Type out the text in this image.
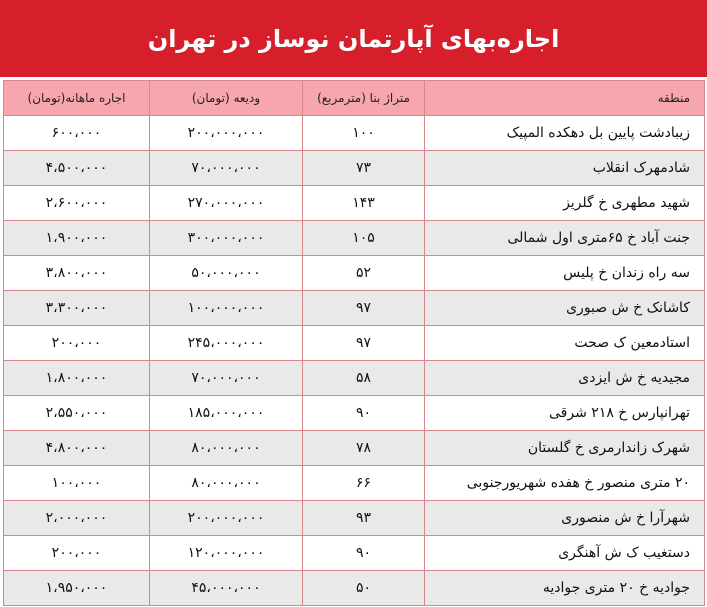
اجاره‌بهای آپارتمان نوساز در تهران
منطقه	متراژ بنا (مترمربع)	ودیعه (تومان)	اجاره ماهانه(تومان)
زیبادشت پایین بل دهکده المپیک	۱۰۰	۲۰۰،۰۰۰،۰۰۰	۶۰۰،۰۰۰
شادمهرک انقلاب	۷۳	۷۰،۰۰۰،۰۰۰	۴،۵۰۰،۰۰۰
شهید مطهری خ گلریز	۱۴۳	۲۷۰،۰۰۰،۰۰۰	۲،۶۰۰،۰۰۰
جنت آباد خ ۶۵متری اول شمالی	۱۰۵	۳۰۰،۰۰۰،۰۰۰	۱،۹۰۰،۰۰۰
سه راه زندان خ پلیس	۵۲	۵۰،۰۰۰،۰۰۰	۳،۸۰۰،۰۰۰
کاشانک خ ش صبوری	۹۷	۱۰۰،۰۰۰،۰۰۰	۳،۳۰۰،۰۰۰
استادمعین ک صحت	۹۷	۲۴۵،۰۰۰،۰۰۰	۲۰۰،۰۰۰
مجیدیه خ ش ایزدی	۵۸	۷۰،۰۰۰،۰۰۰	۱،۸۰۰،۰۰۰
تهرانپارس خ ۲۱۸ شرقی	۹۰	۱۸۵،۰۰۰،۰۰۰	۲،۵۵۰،۰۰۰
شهرک زاندارمری خ گلستان	۷۸	۸۰،۰۰۰،۰۰۰	۴،۸۰۰،۰۰۰
۲۰ متری منصور خ هفده شهریورجنوبی	۶۶	۸۰،۰۰۰،۰۰۰	۱۰۰،۰۰۰
شهرآرا خ ش منصوری	۹۳	۲۰۰،۰۰۰،۰۰۰	۲،۰۰۰،۰۰۰
دستغیب ک ش آهنگری	۹۰	۱۲۰،۰۰۰،۰۰۰	۲۰۰،۰۰۰
جوادیه خ ۲۰ متری جوادیه	۵۰	۴۵،۰۰۰،۰۰۰	۱،۹۵۰،۰۰۰
